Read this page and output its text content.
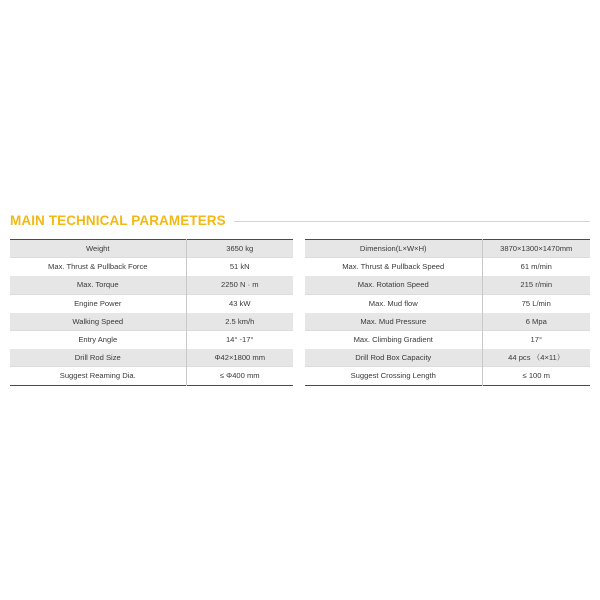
MAIN TECHNICAL PARAMETERS
Weight	3650 kg
Max. Thrust & Pullback Force	51 kN
Max. Torque	2250 N · m
Engine Power	43 kW
Walking Speed	2.5 km/h
Entry Angle	14° -17°
Drill Rod Size	Φ42×1800 mm
Suggest Reaming Dia.	≤ Φ400 mm
Dimension(L×W×H)	3870×1300×1470mm
Max. Thrust & Pullback Speed	61 m/min
Max. Rotation Speed	215 r/min
Max. Mud flow	75 L/min
Max. Mud Pressure	6 Mpa
Max. Climbing Gradient	17°
Drill Rod Box Capacity	44 pcs （4×11）
Suggest Crossing Length	≤ 100 m
